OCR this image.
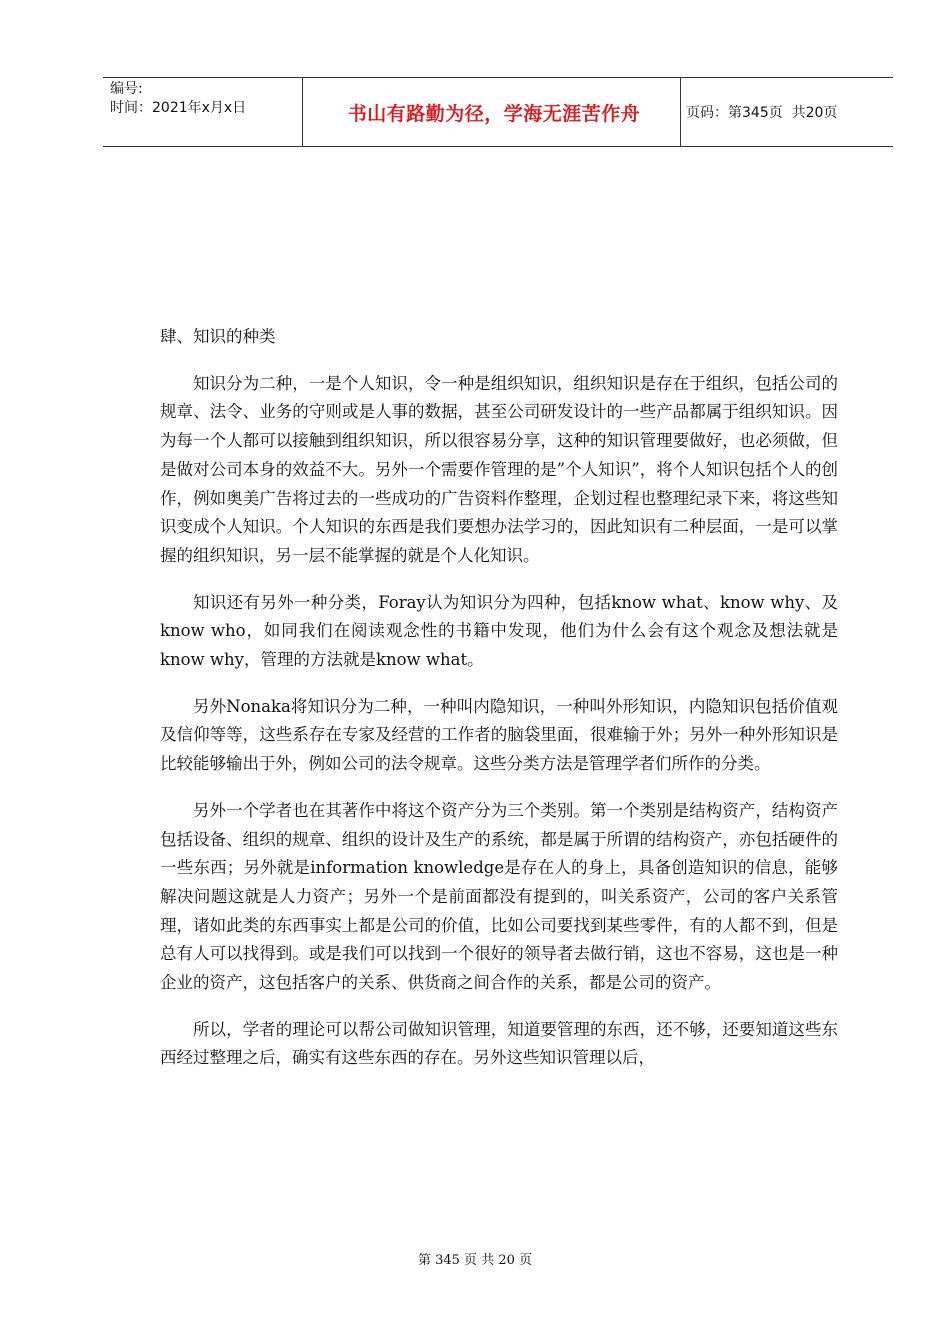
编号:
时间：2021年x月x日	书山有路勤为径，学海无涯苦作舟	页码：第345页  共20页
肆、知识的种类

知识分为二种，一是个人知识，令一种是组织知识，组织知识是存在于组织，包括公司的规章、法令、业务的守则或是人事的数据，甚至公司研发设计的一些产品都属于组织知识。因为每一个人都可以接触到组织知识，所以很容易分享，这种的知识管理要做好，也必须做，但是做对公司本身的效益不大。另外一个需要作管理的是”个人知识”，将个人知识包括个人的创作，例如奥美广告将过去的一些成功的广告资料作整理，企划过程也整理纪录下来，将这些知识变成个人知识。个人知识的东西是我们要想办法学习的，因此知识有二种层面，一是可以掌握的组织知识，另一层不能掌握的就是个人化知识。

知识还有另外一种分类，Foray认为知识分为四种，包括know what、know why、及know who，如同我们在阅读观念性的书籍中发现，他们为什么会有这个观念及想法就是know why，管理的方法就是know what。

另外Nonaka将知识分为二种，一种叫内隐知识，一种叫外形知识，内隐知识包括价值观及信仰等等，这些系存在专家及经营的工作者的脑袋里面，很难输于外；另外一种外形知识是比较能够输出于外，例如公司的法令规章。这些分类方法是管理学者们所作的分类。

另外一个学者也在其著作中将这个资产分为三个类别。第一个类别是结构资产，结构资产包括设备、组织的规章、组织的设计及生产的系统，都是属于所谓的结构资产，亦包括硬件的一些东西；另外就是information knowledge是存在人的身上，具备创造知识的信息，能够解决问题这就是人力资产；另外一个是前面都没有提到的，叫关系资产，公司的客户关系管理，诸如此类的东西事实上都是公司的价值，比如公司要找到某些零件，有的人都不到，但是总有人可以找得到。或是我们可以找到一个很好的领导者去做行销，这也不容易，这也是一种企业的资产，这包括客户的关系、供货商之间合作的关系，都是公司的资产。

所以，学者的理论可以帮公司做知识管理，知道要管理的东西，还不够，还要知道这些东西经过整理之后，确实有这些东西的存在。另外这些知识管理以后，

第 345 页 共 20 页
